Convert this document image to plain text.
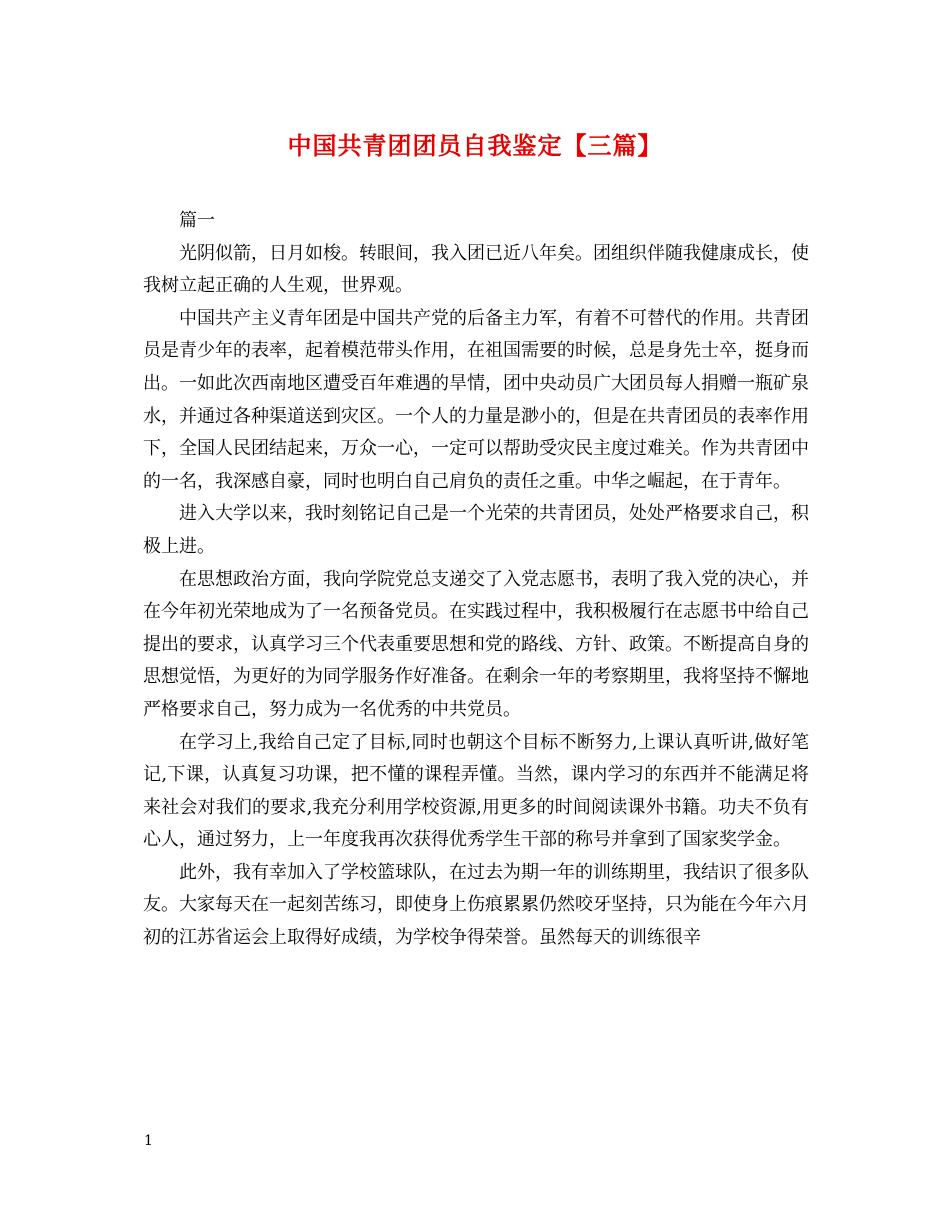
中国共青团团员自我鉴定【三篇】

篇一

光阴似箭，日月如梭。转眼间，我入团已近八年矣。团组织伴随我健康成长，使我树立起正确的人生观，世界观。

中国共产主义青年团是中国共产党的后备主力军，有着不可替代的作用。共青团员是青少年的表率，起着模范带头作用，在祖国需要的时候，总是身先士卒，挺身而出。一如此次西南地区遭受百年难遇的旱情，团中央动员广大团员每人捐赠一瓶矿泉水，并通过各种渠道送到灾区。一个人的力量是渺小的，但是在共青团员的表率作用下，全国人民团结起来，万众一心，一定可以帮助受灾民主度过难关。作为共青团中的一名，我深感自豪，同时也明白自己肩负的责任之重。中华之崛起，在于青年。

进入大学以来，我时刻铭记自己是一个光荣的共青团员，处处严格要求自己，积极上进。

在思想政治方面，我向学院党总支递交了入党志愿书，表明了我入党的决心，并在今年初光荣地成为了一名预备党员。在实践过程中，我积极履行在志愿书中给自己提出的要求，认真学习三个代表重要思想和党的路线、方针、政策。不断提高自身的思想觉悟，为更好的为同学服务作好准备。在剩余一年的考察期里，我将坚持不懈地严格要求自己，努力成为一名优秀的中共党员。

在学习上,我给自己定了目标,同时也朝这个目标不断努力,上课认真听讲,做好笔记,下课，认真复习功课，把不懂的课程弄懂。当然，课内学习的东西并不能满足将来社会对我们的要求,我充分利用学校资源,用更多的时间阅读课外书籍。功夫不负有心人，通过努力，上一年度我再次获得优秀学生干部的称号并拿到了国家奖学金。

此外，我有幸加入了学校篮球队，在过去为期一年的训练期里，我结识了很多队友。大家每天在一起刻苦练习，即使身上伤痕累累仍然咬牙坚持，只为能在今年六月初的江苏省运会上取得好成绩，为学校争得荣誉。虽然每天的训练很辛

1
